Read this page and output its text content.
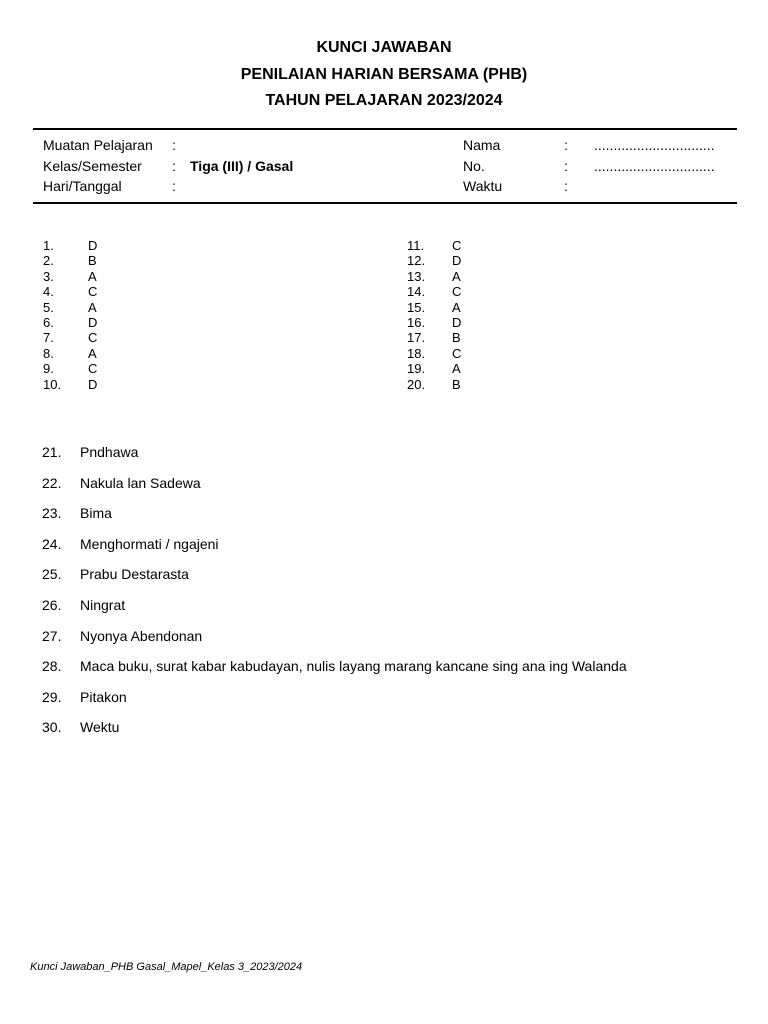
KUNCI JAWABAN
PENILAIAN HARIAN BERSAMA (PHB)
TAHUN PELAJARAN 2023/2024
Muatan Pelajaran :
Kelas/Semester : Tiga (III) / Gasal
Hari/Tanggal	:
Nama	: ...............................
No.	: ...............................
Waktu	:
1.	D
2.	B
3.	A
4.	C
5.	A
6.	D
7.	C
8.	A
9.	C
10.	D
11.	C
12.	D
13.	A
14.	C
15.	A
16.	D
17.	B
18.	C
19.	A
20.	B
21. Pndhawa
22. Nakula lan Sadewa
23. Bima
24. Menghormati / ngajeni
25. Prabu Destarasta
26. Ningrat
27. Nyonya Abendonan
28. Maca buku, surat kabar kabudayan, nulis layang marang kancane sing ana ing Walanda
29. Pitakon
30. Wektu
Kunci Jawaban_PHB Gasal_Mapel_Kelas 3_2023/2024
